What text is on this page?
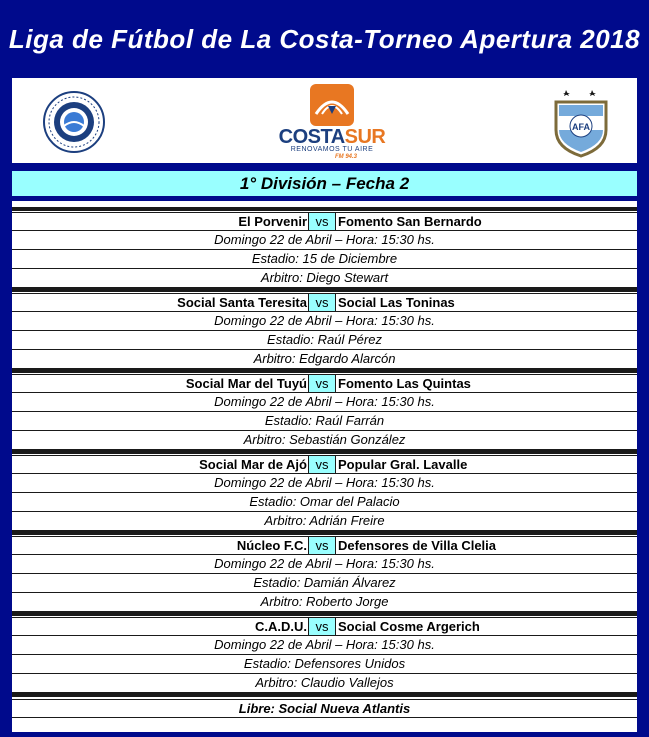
Liga de Fútbol de La Costa-Torneo Apertura 2018
COSTASUR
RENOVAMOS TU AIRE
FM 94.3
AFA
1° División – Fecha 2
El Porvenir vs Fomento San Bernardo
Domingo 22 de Abril – Hora: 15:30 hs.
Estadio: 15 de Diciembre
Arbitro: Diego Stewart
Social Santa Teresita vs Social Las Toninas
Domingo 22 de Abril – Hora: 15:30 hs.
Estadio: Raúl Pérez
Arbitro: Edgardo Alarcón
Social Mar del Tuyú vs Fomento Las Quintas
Domingo 22 de Abril – Hora: 15:30 hs.
Estadio: Raúl Farrán
Arbitro: Sebastián González
Social Mar de Ajó vs Popular Gral. Lavalle
Domingo 22 de Abril – Hora: 15:30 hs.
Estadio: Omar del Palacio
Arbitro: Adrián Freire
Núcleo F.C. vs Defensores de Villa Clelia
Domingo 22 de Abril – Hora: 15:30 hs.
Estadio: Damián Álvarez
Arbitro: Roberto Jorge
C.A.D.U. vs Social Cosme Argerich
Domingo 22 de Abril – Hora: 15:30 hs.
Estadio: Defensores Unidos
Arbitro: Claudio Vallejos
Libre: Social Nueva Atlantis
